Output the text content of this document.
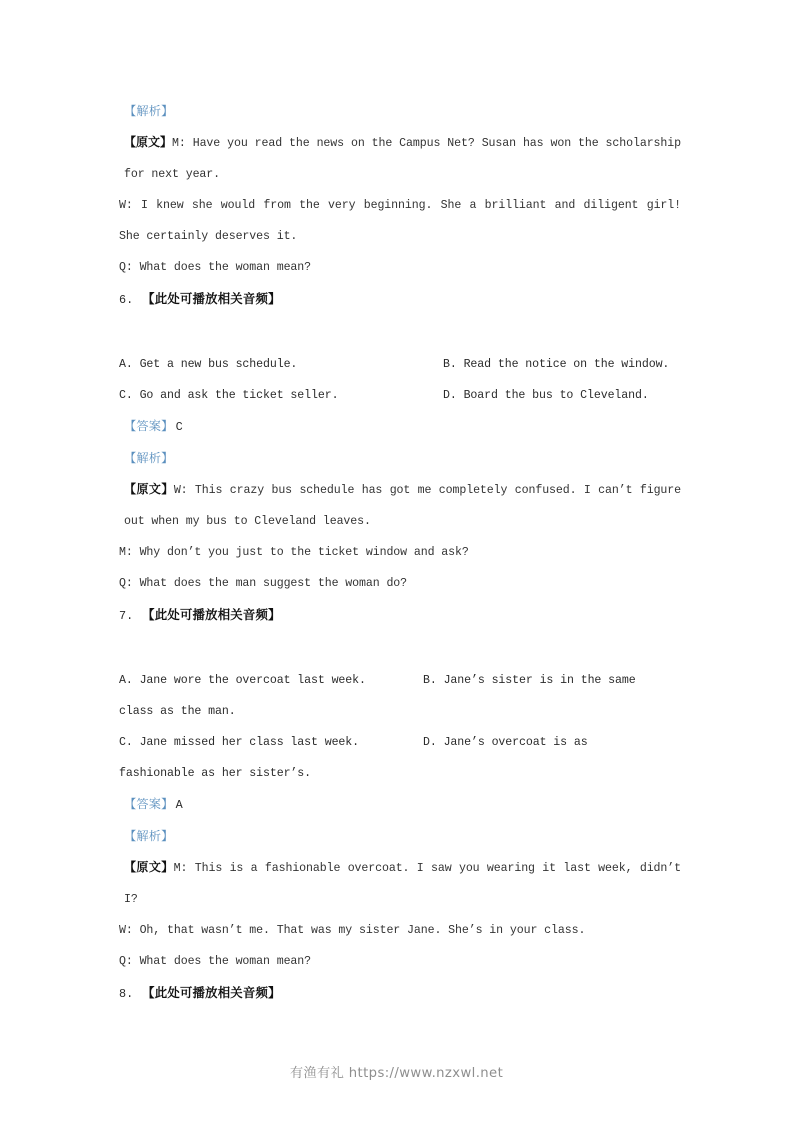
【解析】
【原文】M: Have you read the news on the Campus Net? Susan has won the scholarship for next year.
W: I knew she would from the very beginning. She a brilliant and diligent girl! She certainly deserves it.
Q: What does the woman mean?
6. 【此处可播放相关音频】
A. Get a new bus schedule.	B. Read the notice on the window.
C. Go and ask the ticket seller.	D. Board the bus to Cleveland.
【答案】 C
【解析】
【原文】W: This crazy bus schedule has got me completely confused. I can’t figure out when my bus to Cleveland leaves.
M: Why don’t you just to the ticket window and ask?
Q: What does the man suggest the woman do?
7. 【此处可播放相关音频】
A. Jane wore the overcoat last week.	B. Jane’s sister is in the same
class as the man.
C. Jane missed her class last week.	D. Jane’s overcoat is as
fashionable as her sister’s.
【答案】 A
【解析】
【原文】M: This is a fashionable overcoat. I saw you wearing it last week, didn’t I?
W: Oh, that wasn’t me. That was my sister Jane. She’s in your class.
Q: What does the woman mean?
8. 【此处可播放相关音频】
有渔有礼 https://www.nzxwl.net
